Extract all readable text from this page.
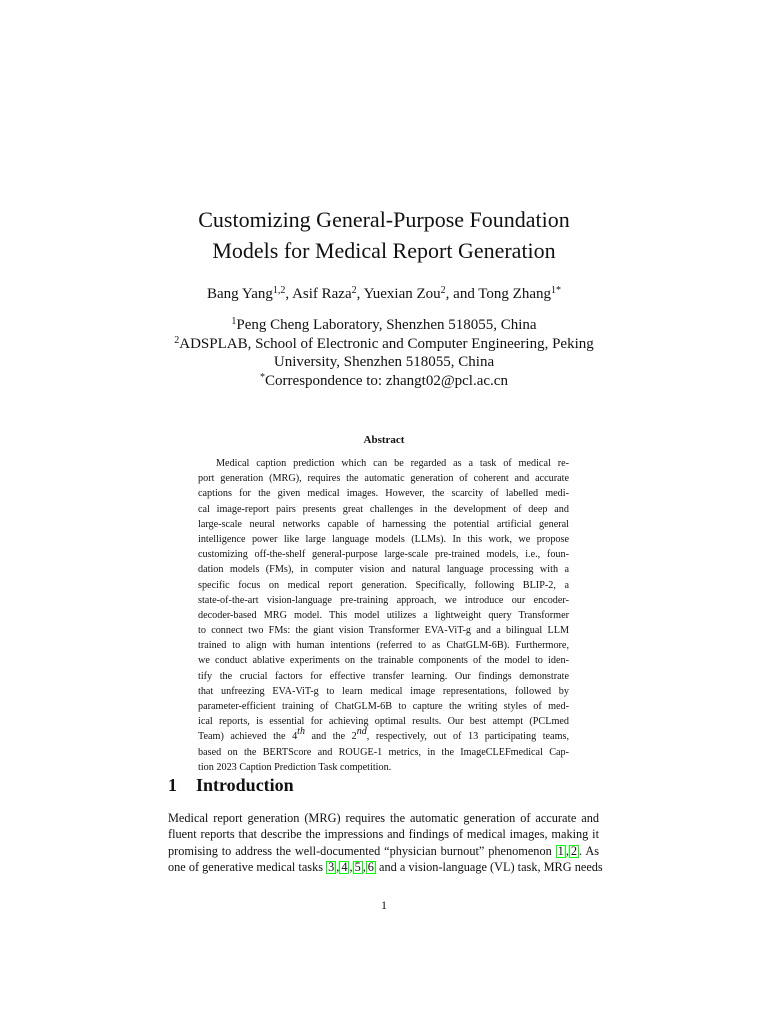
Customizing General-Purpose Foundation
Models for Medical Report Generation
Bang Yang$^{1,2}$, Asif Raza$^2$, Yuexian Zou$^2$, and Tong Zhang$^{1*}$
$^1$Peng Cheng Laboratory, Shenzhen 518055, China
$^2$ADSPLAB, School of Electronic and Computer Engineering, Peking
University, Shenzhen 518055, China
*Correspondence to: zhangt02@pcl.ac.cn
Abstract
Medical caption prediction which can be regarded as a task of medical re-
port generation (MRG), requires the automatic generation of coherent and accurate
captions for the given medical images. However, the scarcity of labelled medi-
cal image-report pairs presents great challenges in the development of deep and
large-scale neural networks capable of harnessing the potential artificial general
intelligence power like large language models (LLMs). In this work, we propose
customizing off-the-shelf general-purpose large-scale pre-trained models, i.e., foun-
dation models (FMs), in computer vision and natural language processing with a
specific focus on medical report generation. Specifically, following BLIP-2, a
state-of-the-art vision-language pre-training approach, we introduce our encoder-
decoder-based MRG model. This model utilizes a lightweight query Transformer
to connect two FMs: the giant vision Transformer EVA-ViT-g and a bilingual LLM
trained to align with human intentions (referred to as ChatGLM-6B). Furthermore,
we conduct ablative experiments on the trainable components of the model to iden-
tify the crucial factors for effective transfer learning. Our findings demonstrate
that unfreezing EVA-ViT-g to learn medical image representations, followed by
parameter-efficient training of ChatGLM-6B to capture the writing styles of med-
ical reports, is essential for achieving optimal results. Our best attempt (PCLmed
Team) achieved the 4th and the 2nd, respectively, out of 13 participating teams,
based on the BERTScore and ROUGE-1 metrics, in the ImageCLEFmedical Cap-
tion 2023 Caption Prediction Task competition.
1 Introduction
Medical report generation (MRG) requires the automatic generation of accurate and
fluent reports that describe the impressions and findings of medical images, making it
promising to address the well-documented “physician burnout” phenomenon 1 , 2 . As
one of generative medical tasks 3 , 4 , 5 , 6 and a vision-language (VL) task, MRG needs
1
